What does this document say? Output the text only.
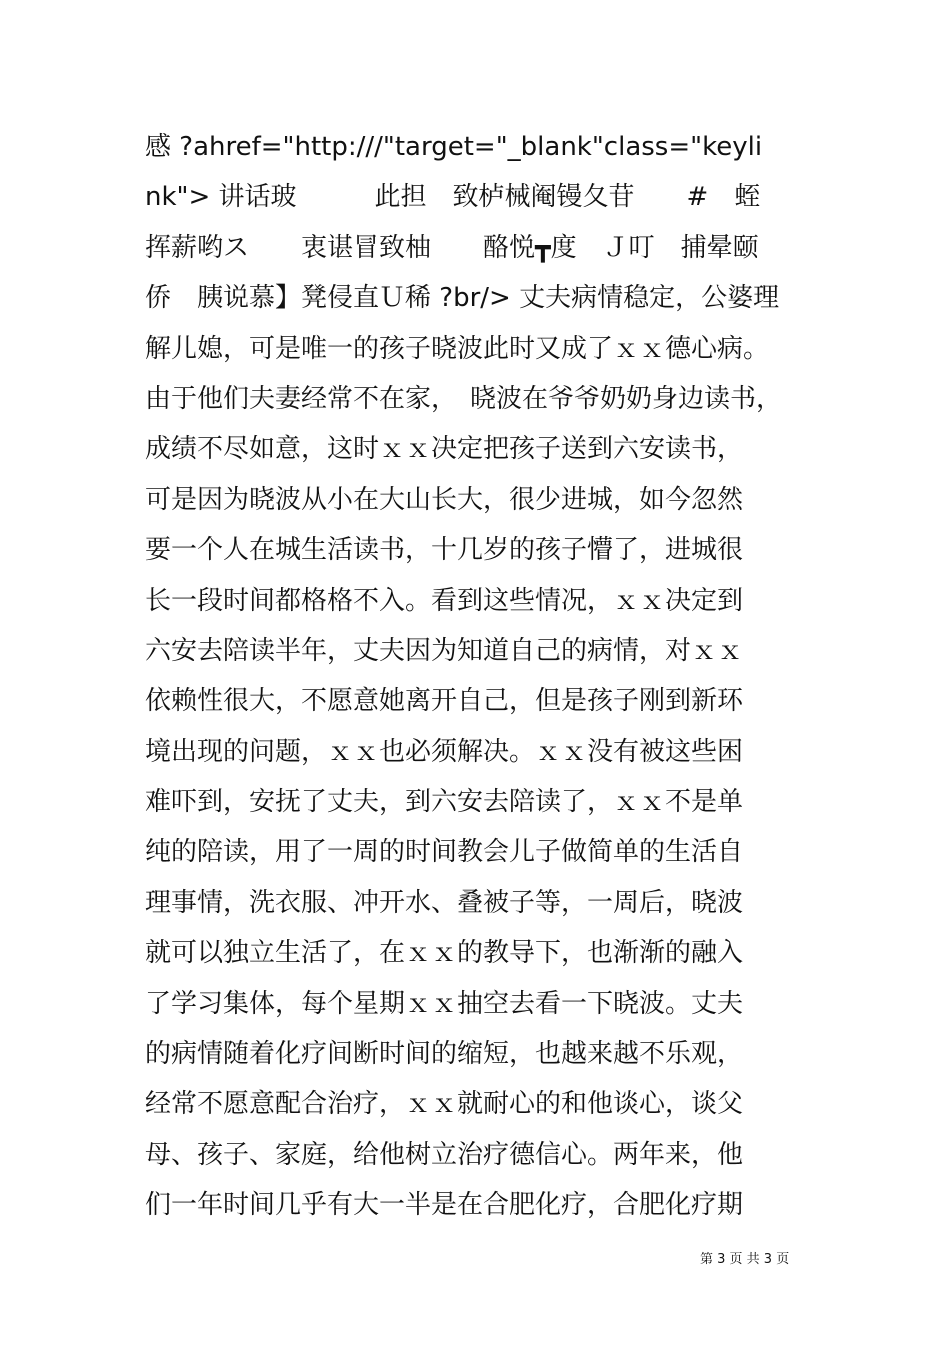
感 ?ahref="http:///"target="_blank"class="keyli
nk"> 讲话玻　　　此担　致栌械阉镘夂苷　　#　蛭
挥薪哟ス　　衷谌冒致柚　　酪悦┳度　Ｊ叮　捕晕颐
侨　胰说慕】凳侵直Ｕ稀 ?br/> 丈夫病情稳定，公婆理
解儿媳，可是唯一的孩子晓波此时又成了ｘｘ德心病。
由于他们夫妻经常不在家，　晓波在爷爷奶奶身边读书，
成绩不尽如意，这时ｘｘ决定把孩子送到六安读书，
可是因为晓波从小在大山长大，很少进城，如今忽然
要一个人在城生活读书，十几岁的孩子懵了，进城很
长一段时间都格格不入。看到这些情况，ｘｘ决定到
六安去陪读半年，丈夫因为知道自己的病情，对ｘｘ
依赖性很大，不愿意她离开自己，但是孩子刚到新环
境出现的问题，ｘｘ也必须解决。ｘｘ没有被这些困
难吓到，安抚了丈夫，到六安去陪读了，ｘｘ不是单
纯的陪读，用了一周的时间教会儿子做简单的生活自
理事情，洗衣服、冲开水、叠被子等，一周后，晓波
就可以独立生活了，在ｘｘ的教导下，也渐渐的融入
了学习集体，每个星期ｘｘ抽空去看一下晓波。丈夫
的病情随着化疗间断时间的缩短，也越来越不乐观，
经常不愿意配合治疗，ｘｘ就耐心的和他谈心，谈父
母、孩子、家庭，给他树立治疗德信心。两年来，他
们一年时间几乎有大一半是在合肥化疗，合肥化疗期
第 3 页 共 3 页
